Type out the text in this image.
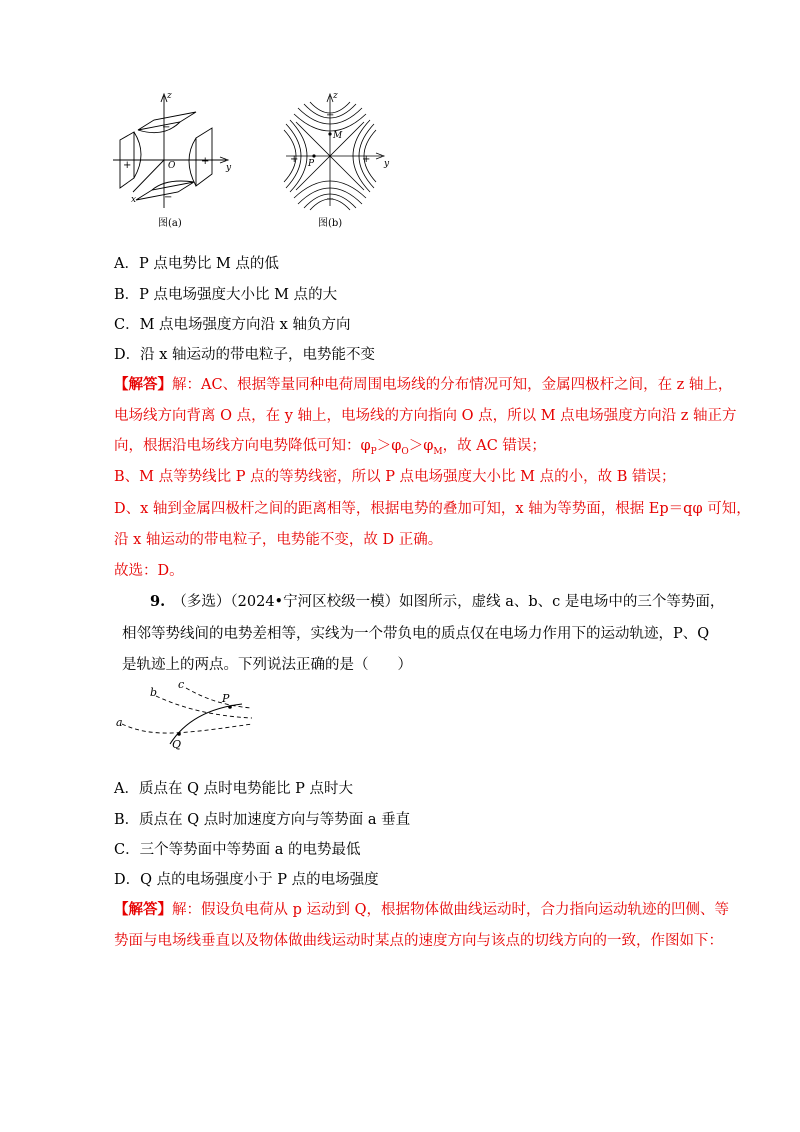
z
y
x
O
+	+
−
−
图(a)
z
y
M
P
+	+
−
−
图(b)
A．P 点电势比 M 点的低
B．P 点电场强度大小比 M 点的大
C．M 点电场强度方向沿 x 轴负方向
D．沿 x 轴运动的带电粒子，电势能不变
【解答】解：AC、根据等量同种电荷周围电场线的分布情况可知，金属四极杆之间，在 z 轴上，
电场线方向背离 O 点，在 y 轴上，电场线的方向指向 O 点，所以 M 点电场强度方向沿 z 轴正方
向，根据沿电场线方向电势降低可知：$\varphi_P>\varphi_O>\varphi_M$，故 AC 错误；
B、M 点等势线比 P 点的等势线密，所以 P 点电场强度大小比 M 点的小，故 B 错误；
D、x 轴到金属四极杆之间的距离相等，根据电势的叠加可知，x 轴为等势面，根据 Ep＝qφ 可知，
沿 x 轴运动的带电粒子，电势能不变，故 D 正确。
故选：D。
9.　 （多选）（2024•宁河区校级一模）如图所示，虚线 a、b、c 是电场中的三个等势面，
相邻等势线间的电势差相等，实线为一个带负电的质点仅在电场力作用下的运动轨迹，P、Q
是轨迹上的两点。下列说法正确的是（　　）
a
b
c
P
Q
A．质点在 Q 点时电势能比 P 点时大
B．质点在 Q 点时加速度方向与等势面 a 垂直
C．三个等势面中等势面 a 的电势最低
D．Q 点的电场强度小于 P 点的电场强度
【解答】解：假设负电荷从 p 运动到 Q，根据物体做曲线运动时，合力指向运动轨迹的凹侧、等
势面与电场线垂直以及物体做曲线运动时某点的速度方向与该点的切线方向的一致，作图如下：
